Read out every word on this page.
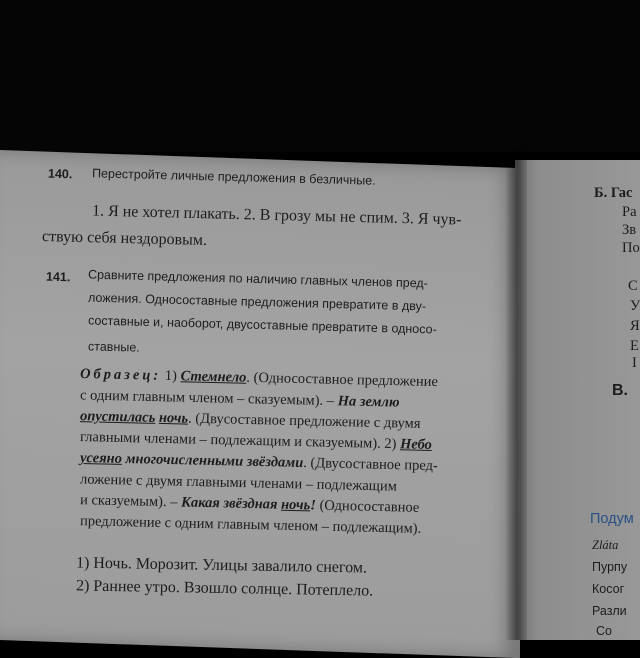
140. Перестройте личные предложения в безличные.
1. Я не хотел плакать. 2. В грозу мы не спим. 3. Я чув-
ствую себя нездоровым.
141. Сравните предложения по наличию главных членов пред-
ложения. Односоставные предложения превратите в дву-
составные и, наоборот, двусоставные превратите в односо-
ставные.
Образец: 1) Стемнело. (Односоставное предложение
с одним главным членом – сказуемым). – На землю
опустилась ночь. (Двусоставное предложение с двумя
главными членами – подлежащим и сказуемым). 2) Небо
усеяно многочисленными звёздами. (Двусоставное пред-
ложение с двумя главными членами – подлежащим
и сказуемым). – Какая звёздная ночь! (Односоставное
предложение с одним главным членом – подлежащим).
1) Ночь. Морозит. Улицы завалило снегом.
2) Раннее утро. Взошло солнце. Потеплело.
Б. Гас
Ра
Зв
По
С
У
Я
Е
I
В.
Подум
Zláta
Пурпу
Косог
Разли
Со
